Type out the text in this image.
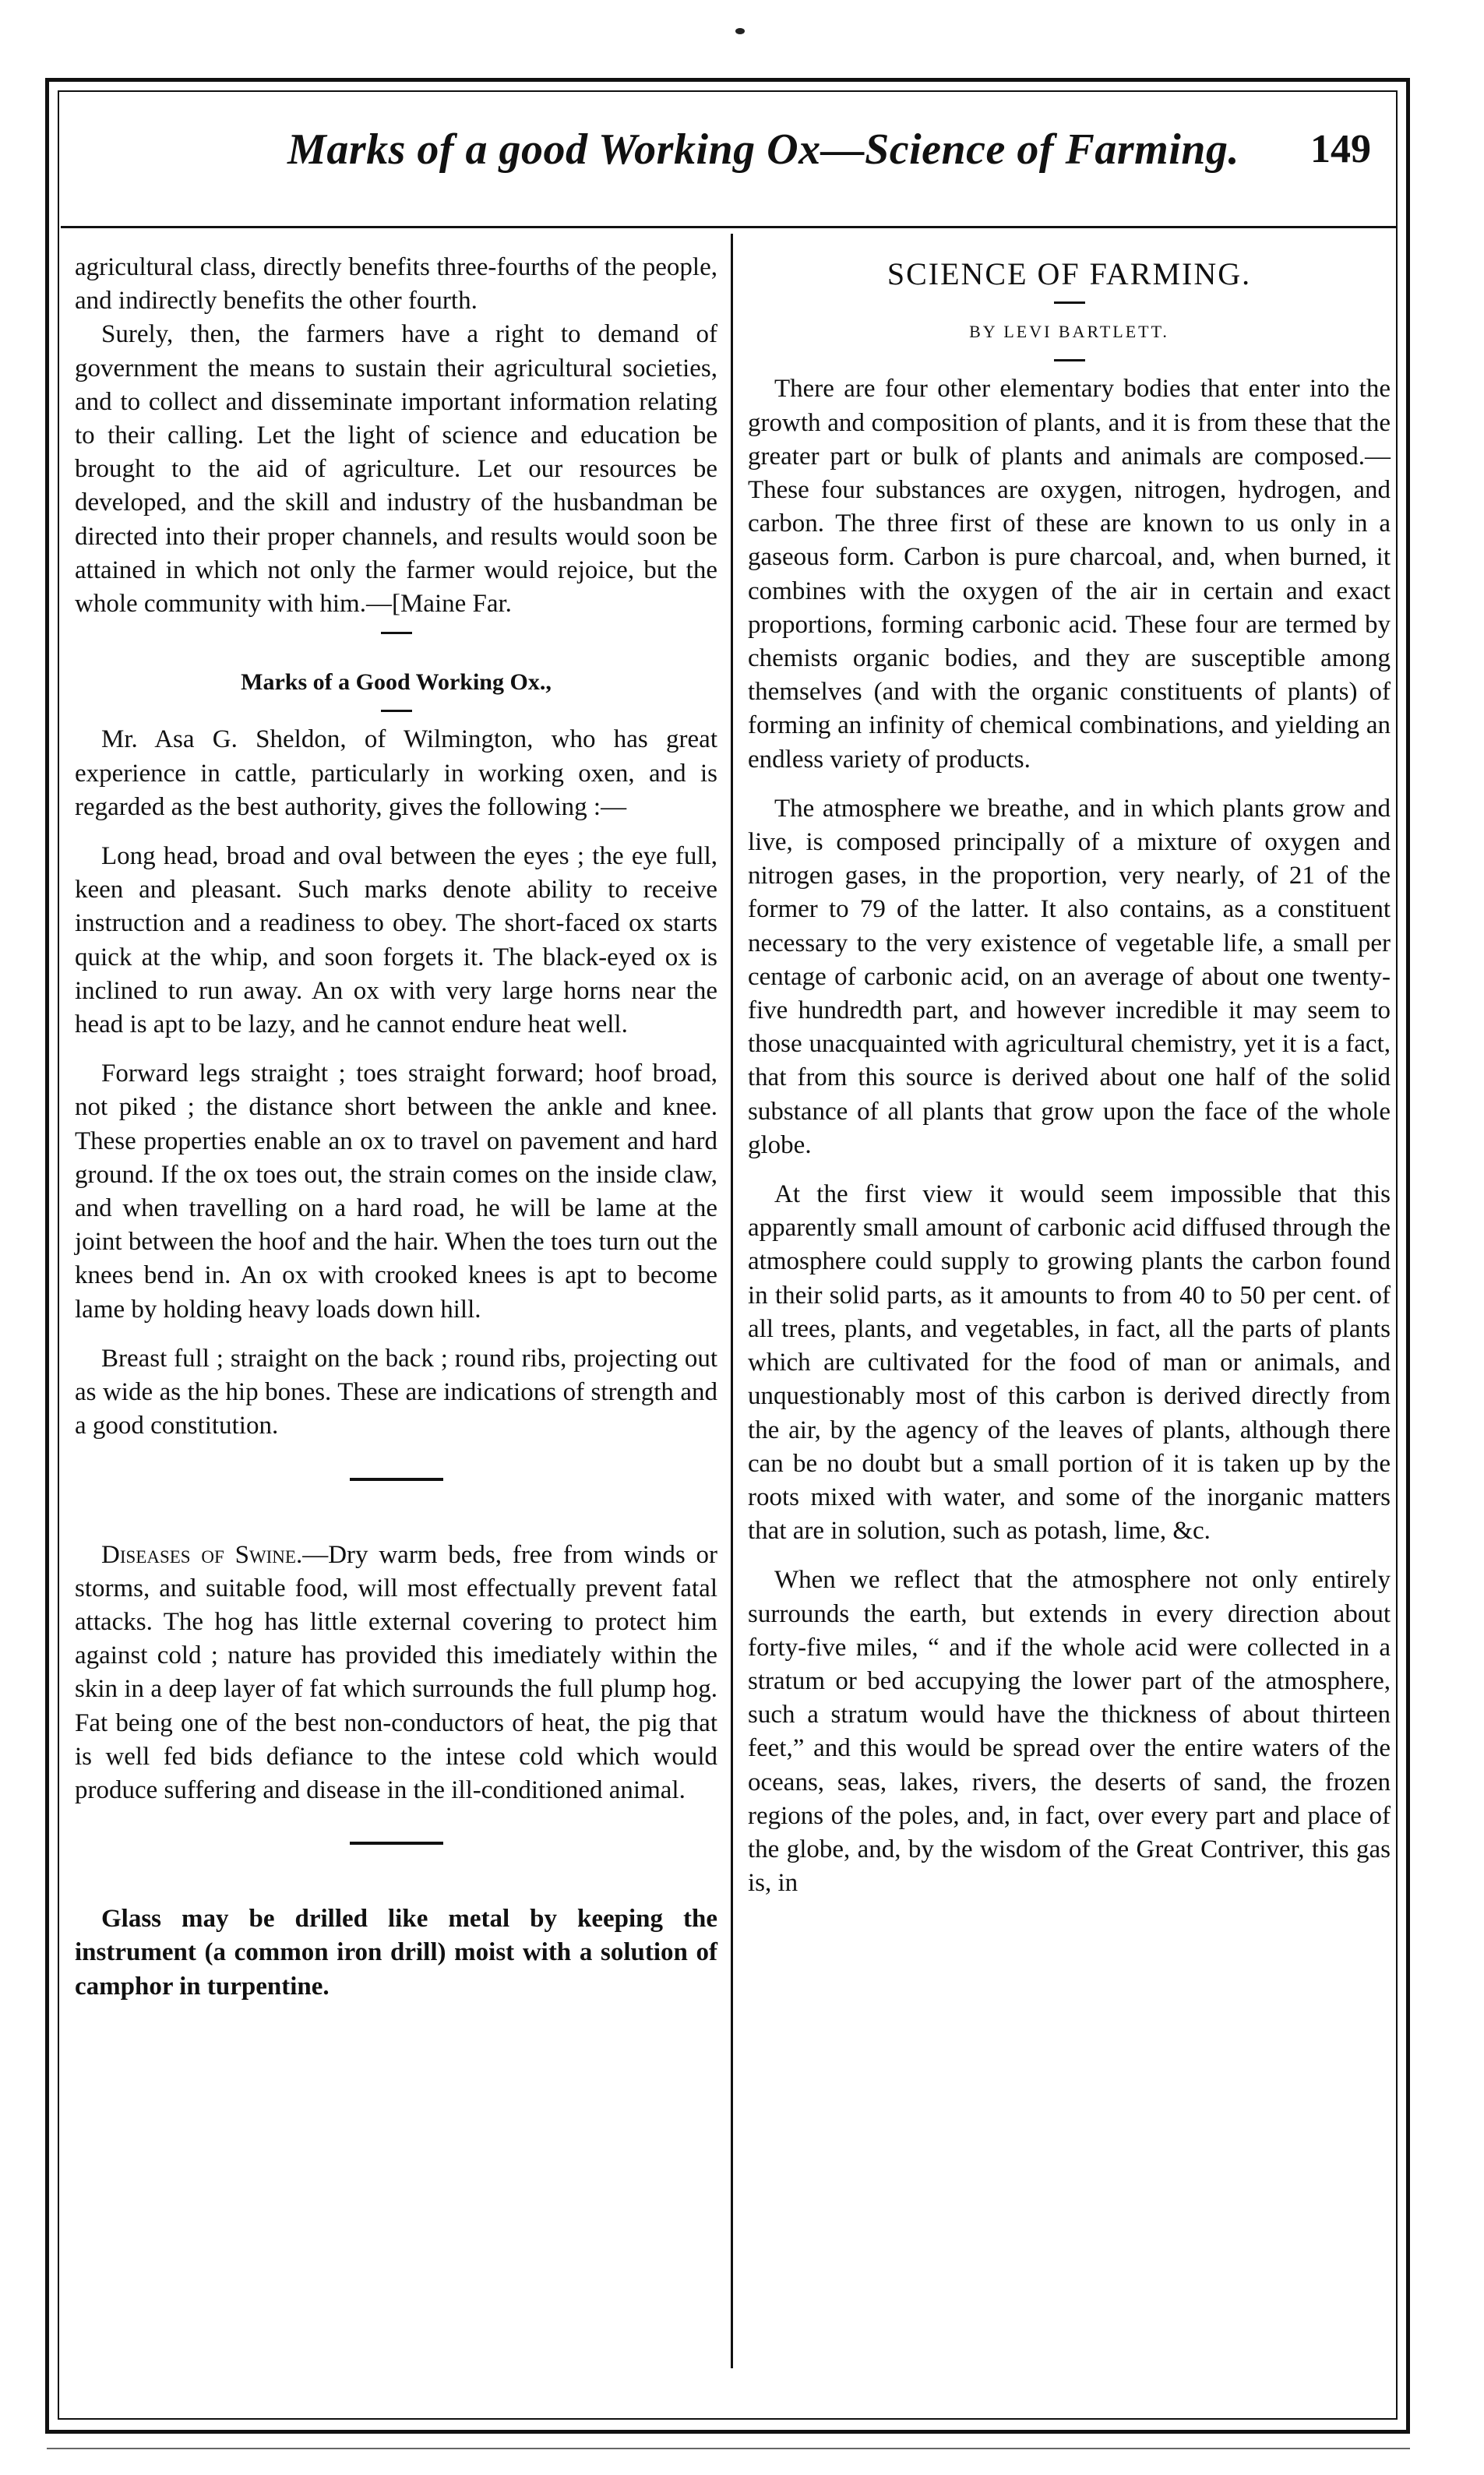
Marks of a good Working Ox—Science of Farming.	149

agricultural class, directly benefits three-fourths of the people, and indirectly benefits the other fourth.

Surely, then, the farmers have a right to demand of government the means to sustain their agricultural societies, and to collect and disseminate important information relating to their calling. Let the light of science and education be brought to the aid of agriculture. Let our resources be developed, and the skill and industry of the husbandman be directed into their proper channels, and results would soon be attained in which not only the farmer would rejoice, but the whole community with him.—[Maine Far.

Marks of a Good Working Ox.,

Mr. Asa G. Sheldon, of Wilmington, who has great experience in cattle, particularly in working oxen, and is regarded as the best authority, gives the following :—

Long head, broad and oval between the eyes ; the eye full, keen and pleasant. Such marks denote ability to receive instruction and a readiness to obey. The short-faced ox starts quick at the whip, and soon forgets it. The black-eyed ox is inclined to run away. An ox with very large horns near the head is apt to be lazy, and he cannot endure heat well.

Forward legs straight ; toes straight forward; hoof broad, not piked ; the distance short between the ankle and knee. These properties enable an ox to travel on pavement and hard ground. If the ox toes out, the strain comes on the inside claw, and when travelling on a hard road, he will be lame at the joint between the hoof and the hair. When the toes turn out the knees bend in. An ox with crooked knees is apt to become lame by holding heavy loads down hill.

Breast full ; straight on the back ; round ribs, projecting out as wide as the hip bones. These are indications of strength and a good constitution.

Diseases of Swine.—Dry warm beds, free from winds or storms, and suitable food, will most effectually prevent fatal attacks. The hog has little external covering to protect him against cold ; nature has provided this imediately within the skin in a deep layer of fat which surrounds the full plump hog. Fat being one of the best non-conductors of heat, the pig that is well fed bids defiance to the intese cold which would produce suffering and disease in the ill-conditioned animal.

Glass may be drilled like metal by keeping the instrument (a common iron drill) moist with a solution of camphor in turpentine.

SCIENCE OF FARMING.
BY LEVI BARTLETT.

There are four other elementary bodies that enter into the growth and composition of plants, and it is from these that the greater part or bulk of plants and animals are composed.—These four substances are oxygen, nitrogen, hydrogen, and carbon. The three first of these are known to us only in a gaseous form. Carbon is pure charcoal, and, when burned, it combines with the oxygen of the air in certain and exact proportions, forming carbonic acid. These four are termed by chemists organic bodies, and they are susceptible among themselves (and with the organic constituents of plants) of forming an infinity of chemical combinations, and yielding an endless variety of products.

The atmosphere we breathe, and in which plants grow and live, is composed principally of a mixture of oxygen and nitrogen gases, in the proportion, very nearly, of 21 of the former to 79 of the latter. It also contains, as a constituent necessary to the very existence of vegetable life, a small per centage of carbonic acid, on an average of about one twenty-five hundredth part, and however incredible it may seem to those unacquainted with agricultural chemistry, yet it is a fact, that from this source is derived about one half of the solid substance of all plants that grow upon the face of the whole globe.

At the first view it would seem impossible that this apparently small amount of carbonic acid diffused through the atmosphere could supply to growing plants the carbon found in their solid parts, as it amounts to from 40 to 50 per cent. of all trees, plants, and vegetables, in fact, all the parts of plants which are cultivated for the food of man or animals, and unquestionably most of this carbon is derived directly from the air, by the agency of the leaves of plants, although there can be no doubt but a small portion of it is taken up by the roots mixed with water, and some of the inorganic matters that are in solution, such as potash, lime, &c.

When we reflect that the atmosphere not only entirely surrounds the earth, but extends in every direction about forty-five miles, “ and if the whole acid were collected in a stratum or bed accupying the lower part of the atmosphere, such a stratum would have the thickness of about thirteen feet,” and this would be spread over the entire waters of the oceans, seas, lakes, rivers, the deserts of sand, the frozen regions of the poles, and, in fact, over every part and place of the globe, and, by the wisdom of the Great Contriver, this gas is, in
